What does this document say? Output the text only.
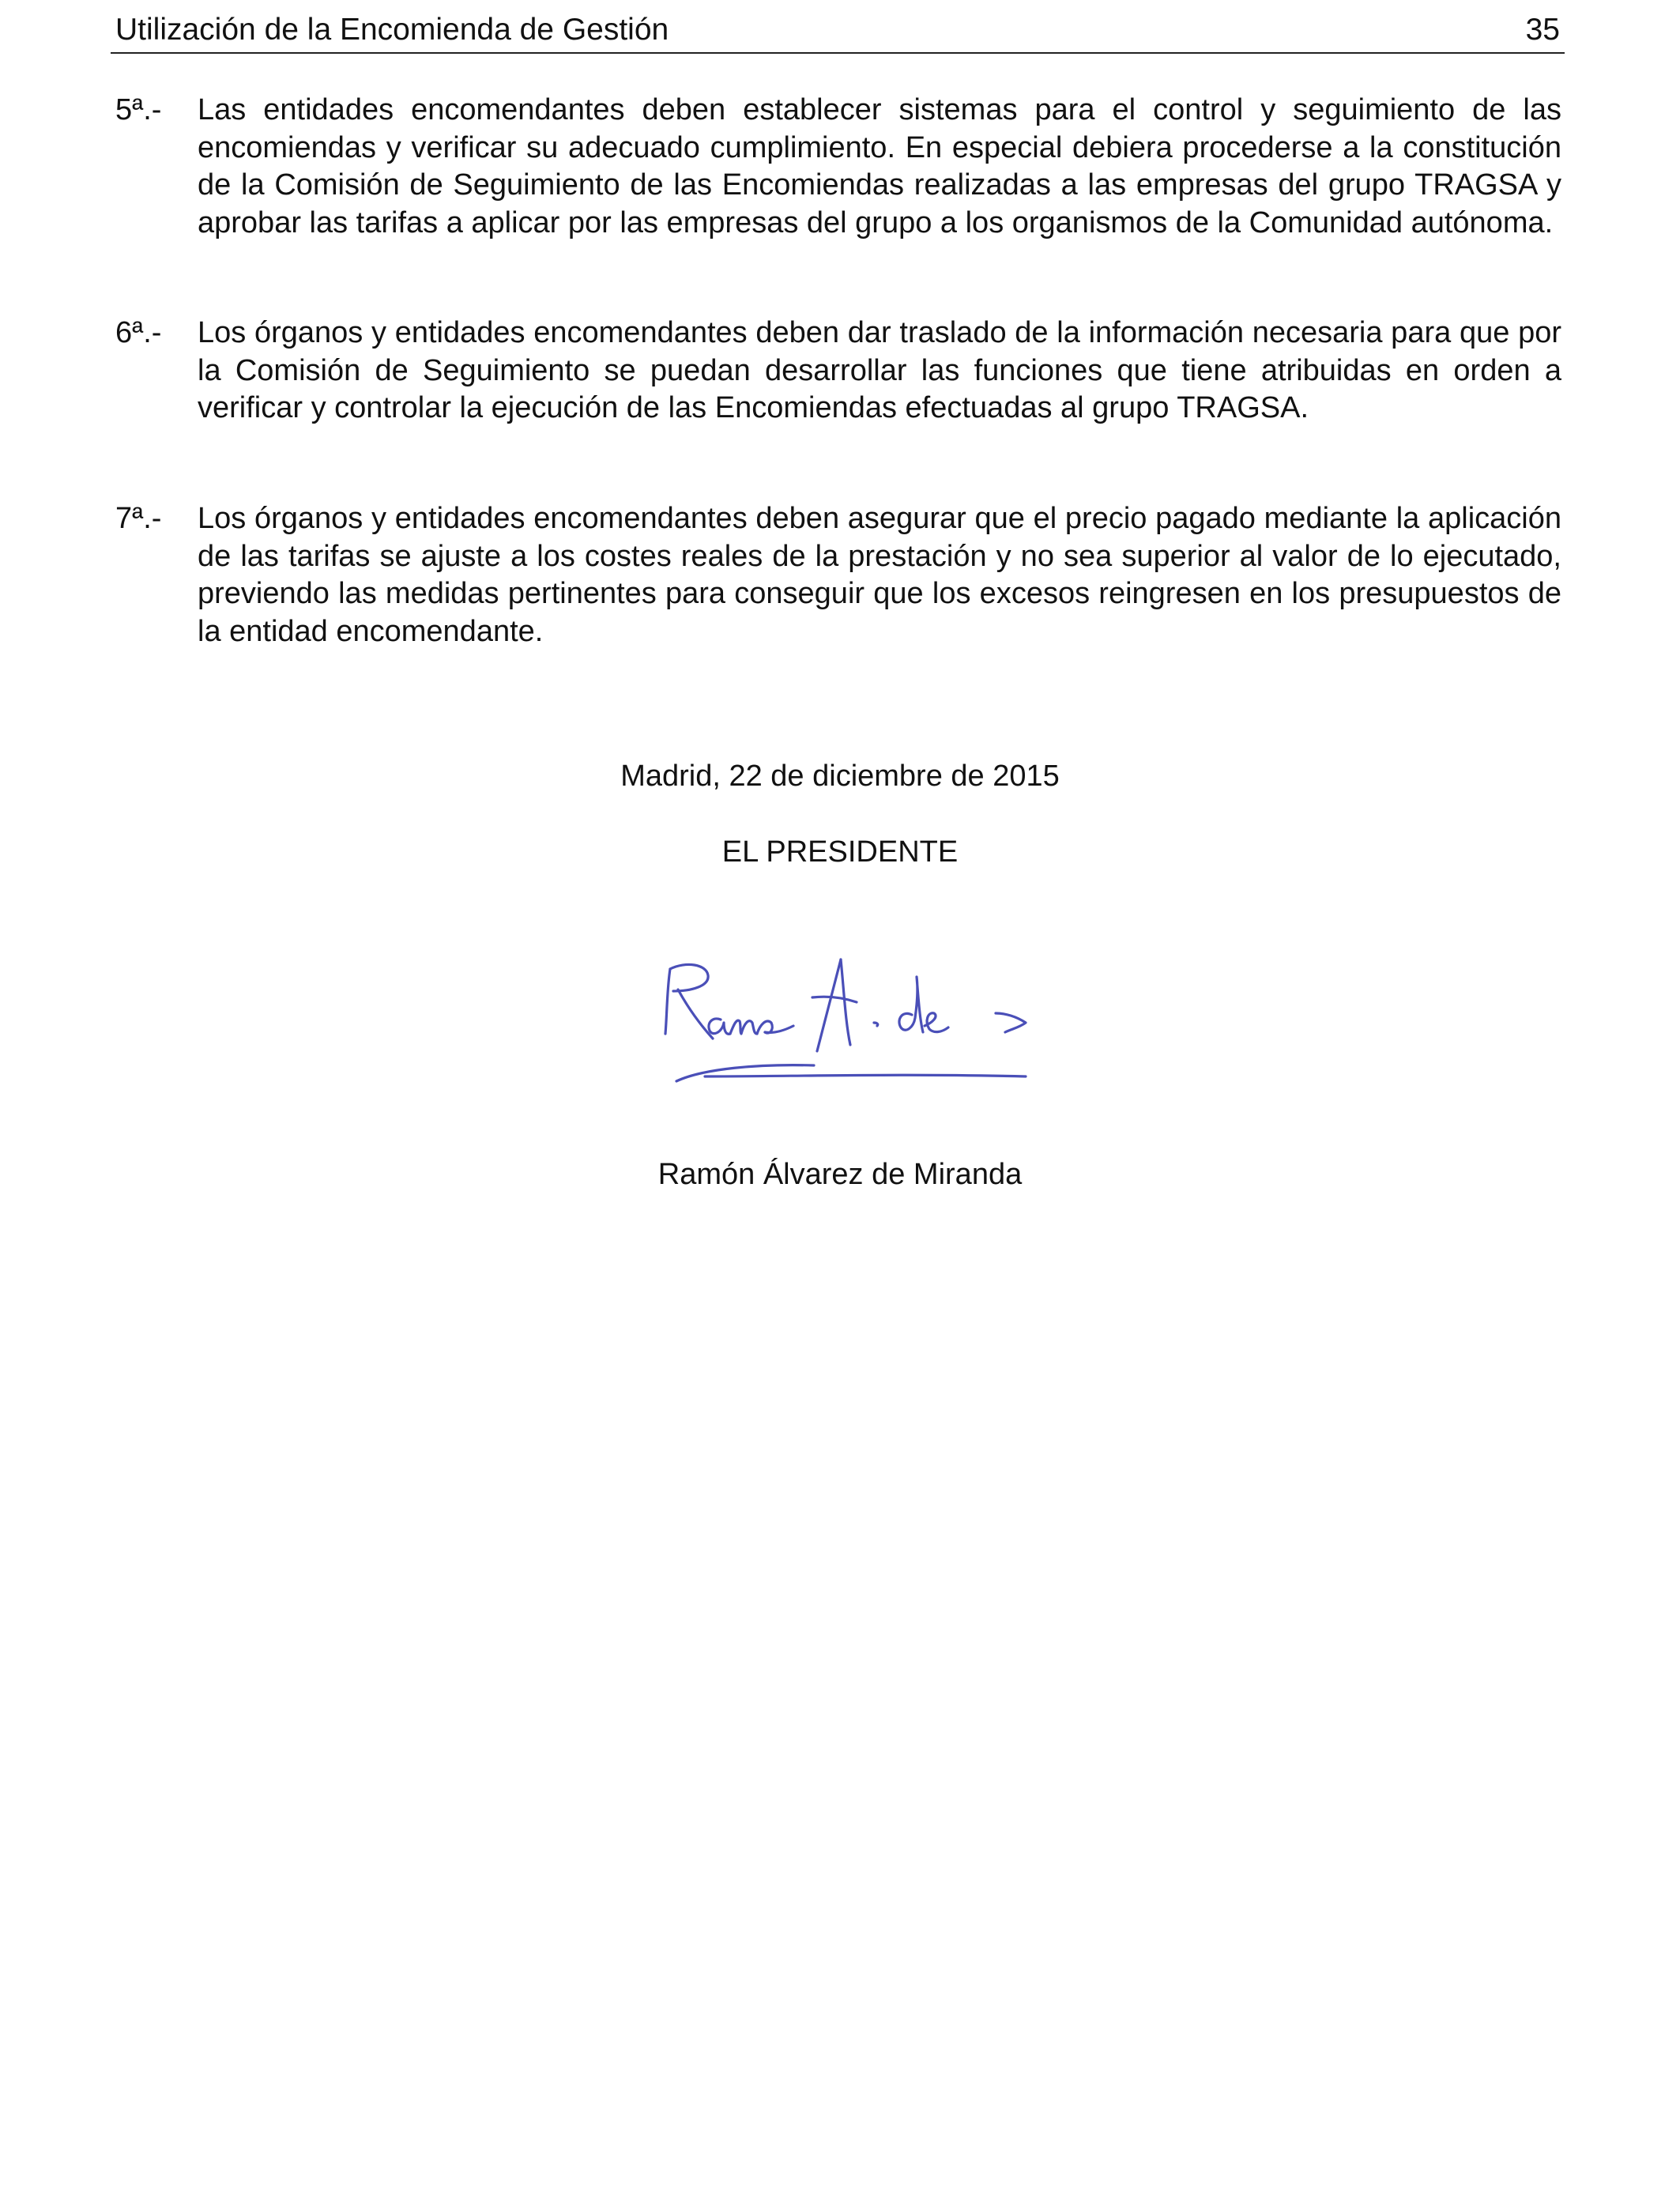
Utilización de la Encomienda de Gestión	35
5ª.-	Las entidades encomendantes deben establecer sistemas para el control y seguimiento de las encomiendas y verificar su adecuado cumplimiento. En especial debiera procederse a la constitución de la Comisión de Seguimiento de las Encomiendas realizadas a las empresas del grupo TRAGSA y aprobar las tarifas a aplicar por las empresas del grupo a los organismos de la Comunidad autónoma.
6ª.-	Los órganos y entidades encomendantes deben dar traslado de la información necesaria para que por la Comisión de Seguimiento se puedan desarrollar las funciones que tiene atribuidas en orden a verificar y controlar la ejecución de las Encomiendas efectuadas al grupo TRAGSA.
7ª.-	Los órganos y entidades encomendantes deben asegurar que el precio pagado mediante la aplicación de las tarifas se ajuste a los costes reales de la prestación y no sea superior al valor de lo ejecutado, previendo las medidas pertinentes para conseguir que los excesos reingresen en los presupuestos de la entidad encomendante.
Madrid, 22 de diciembre de 2015
EL PRESIDENTE
Ramón Álvarez de Miranda
